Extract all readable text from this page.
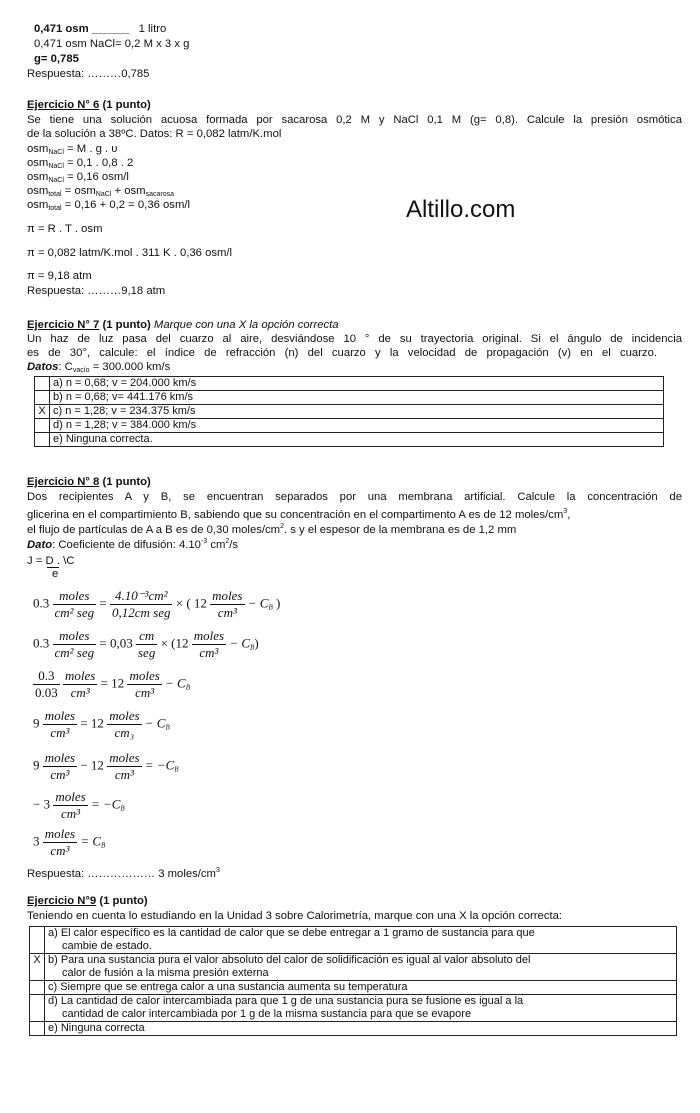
Altillo.com
0,471 osm ______ 1 litro
0,471 osm NaCl= 0,2 M x 3 x g
g= 0,785
Respuesta: ………0,785
Ejercicio N° 6 (1 punto)
Se tiene una solución acuosa formada por sacarosa 0,2 M y NaCl 0,1 M (g= 0,8). Calcule la presión osmótica
de la solución a 38ºC. Datos: R = 0,082 latm/K.mol
osm$_{NaCl}$ = M . g . υ
osm$_{NaCl}$ = 0,1 . 0,8 . 2
osm$_{NaCl}$ = 0,16 osm/l
osm$_{total}$ = osm$_{NaCl}$ + osm$_{sacarosa}$
osm$_{total}$ = 0,16 + 0,2 = 0,36 osm/l
π = R . T . osm
π = 0,082 latm/K.mol . 311 K . 0,36 osm/l
π = 9,18 atm
Respuesta: ………9,18 atm
Ejercicio N° 7 (1 punto) Marque con una X la opción correcta
Un haz de luz pasa del cuarzo al aire, desviándose 10 ° de su trayectoria original. Si el ángulo de incidencia
es de 30°, calcule: el índice de refracción (n) del cuarzo y la velocidad de propagación (v) en el cuarzo.
Datos: $C_{vacío} = 300.000$ km/s
	a) n = 0,68; v = 204.000 km/s
	b) n = 0,68; v= 441.176 km/s
X	c) n = 1,28; v = 234.375 km/s
	d) n = 1,28; v = 384.000 km/s
	e) Ninguna correcta.
Ejercicio N° 8 (1 punto)
Dos recipientes A y B, se encuentran separados por una membrana artificial. Calcule la concentración de
glicerina en el compartimiento B, sabiendo que su concentración en el compartimento A es de 12 moles/$cm^3$,
el flujo de partículas de A a B es de 0,30 moles/$cm^2$. s y el espesor de la membrana es de 1,2 mm
Dato: Coeficiente de difusión: $4.10^{-3}$ $cm^2/s$
J = D . \C
e
$0.3 \frac{\text{moles}}{\text{cm² seg}} = \frac{\text{4.10⁻³cm²}}{\text{0,12cm seg}}$ × ( $12 \frac{\text{moles}}{\text{cm³}} - C_B$ )
$0.3 \frac{\text{moles}}{\text{cm² seg}} = 0,03 \frac{cm}{\text{seg}} \times (12 \frac{\text{moles}}{\text{cm³}} - C_B)$
$\frac{0.3}{0.03}$
$\frac{\text{moles}}{\text{cm³}} = 12 \frac{\text{moles}}{\text{cm³}} - C_B$
$9 \frac{\text{moles}}{\text{cm³}} = 12 \frac{\text{moles}}{\text{cm₃}} - C_B$
$9 \frac{\text{moles}}{\text{cm³}} - 12 \frac{\text{moles}}{\text{cm³}} = -C_B$
− $3 \frac{\text{moles}}{\text{cm³}} = -C_B$
$3 \frac{\text{moles}}{\text{cm³}} = C_B$
Respuesta: ……………… 3 moles/$cm^3$
Ejercicio N°9 (1 punto)
Teniendo en cuenta lo estudiando en la Unidad 3 sobre Calorimetría, marque con una X la opción correcta:

	a) El calor específico es la cantidad de calor que se debe entregar a 1 gramo de sustancia para que
cambie de estado.

X	b) Para una sustancia pura el valor absoluto del calor de solidificación es igual al valor absoluto del
calor de fusión a la misma presión externa

	c) Siempre que se entrega calor a una sustancia aumenta su temperatura

	d) La cantidad de calor intercambiada para que 1 g de una sustancia pura se fusione es igual a la
cantidad de calor intercambiada por 1 g de la misma sustancia para que se evapore

	e) Ninguna correcta
